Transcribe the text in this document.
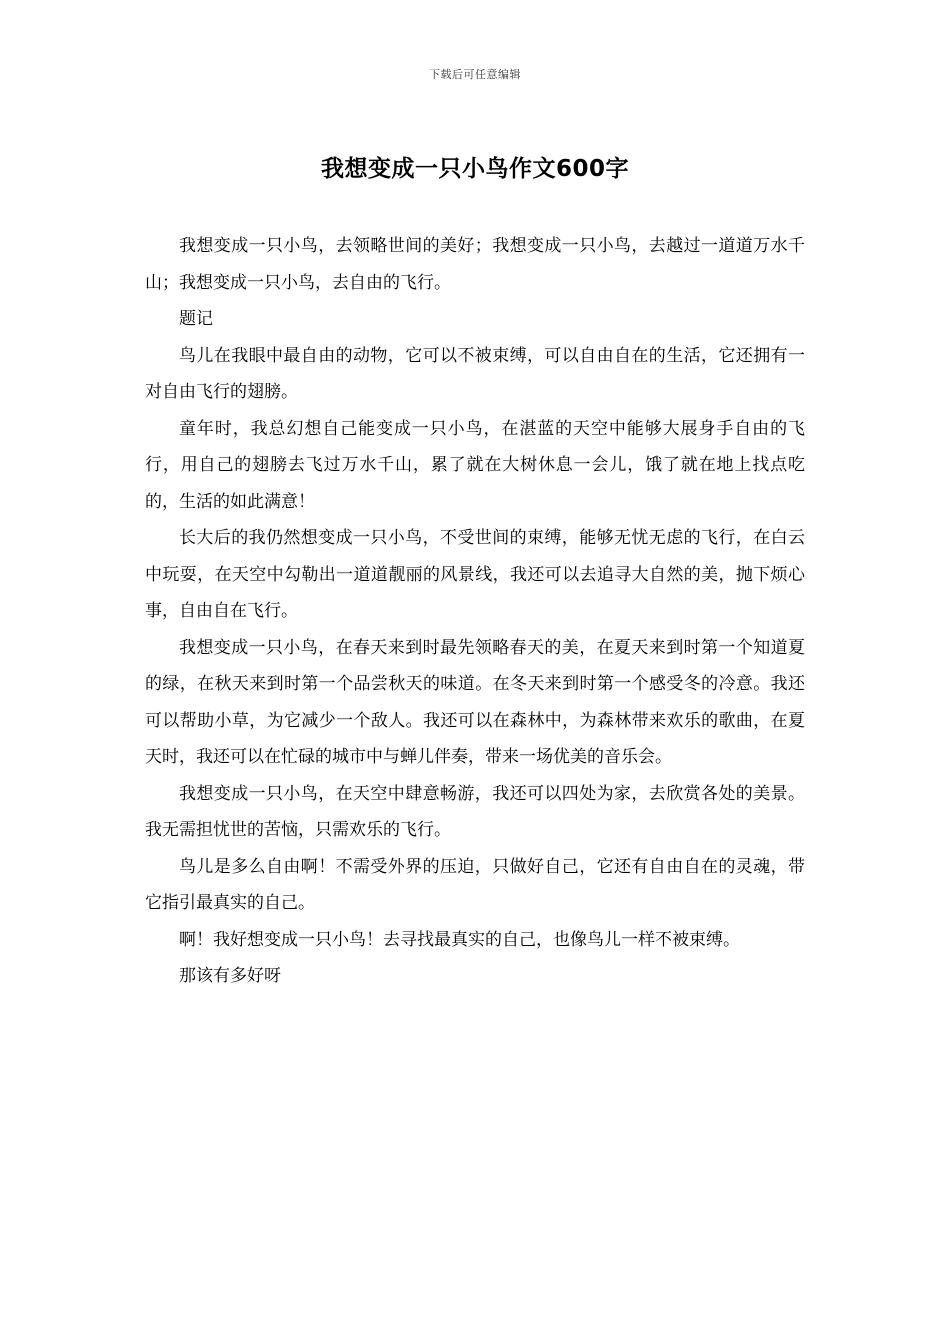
下载后可任意编辑
我想变成一只小鸟作文600字

我想变成一只小鸟，去领略世间的美好；我想变成一只小鸟，去越过一道道万水千山；我想变成一只小鸟，去自由的飞行。

题记

鸟儿在我眼中最自由的动物，它可以不被束缚，可以自由自在的生活，它还拥有一对自由飞行的翅膀。

童年时，我总幻想自己能变成一只小鸟，在湛蓝的天空中能够大展身手自由的飞行，用自己的翅膀去飞过万水千山，累了就在大树休息一会儿，饿了就在地上找点吃的，生活的如此满意！

长大后的我仍然想变成一只小鸟，不受世间的束缚，能够无忧无虑的飞行，在白云中玩耍，在天空中勾勒出一道道靓丽的风景线，我还可以去追寻大自然的美，抛下烦心事，自由自在飞行。

我想变成一只小鸟，在春天来到时最先领略春天的美，在夏天来到时第一个知道夏的绿，在秋天来到时第一个品尝秋天的味道。在冬天来到时第一个感受冬的冷意。我还可以帮助小草，为它减少一个敌人。我还可以在森林中，为森林带来欢乐的歌曲，在夏天时，我还可以在忙碌的城市中与蝉儿伴奏，带来一场优美的音乐会。

我想变成一只小鸟，在天空中肆意畅游，我还可以四处为家，去欣赏各处的美景。我无需担忧世的苦恼，只需欢乐的飞行。

鸟儿是多么自由啊！不需受外界的压迫，只做好自己，它还有自由自在的灵魂，带它指引最真实的自己。

啊！我好想变成一只小鸟！去寻找最真实的自己，也像鸟儿一样不被束缚。

那该有多好呀
